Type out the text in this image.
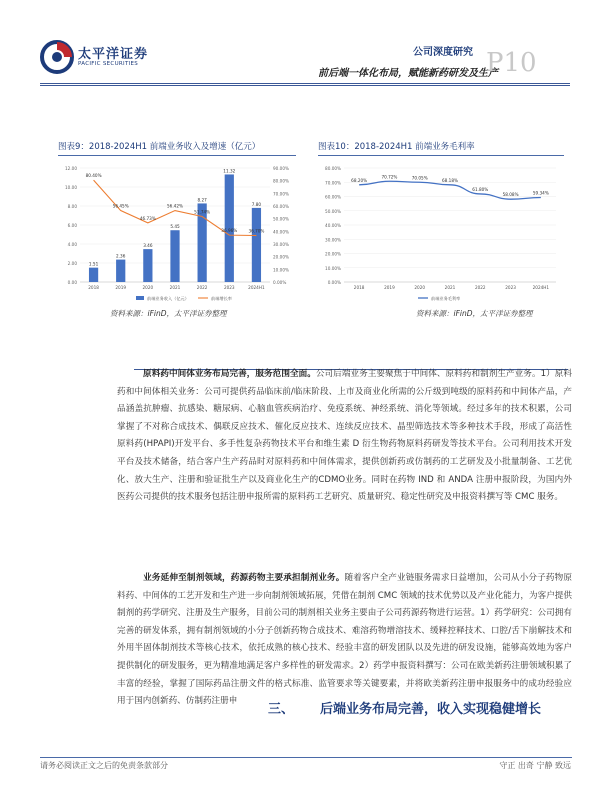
太平洋证券
PACIFIC SECURITIES
公司深度研究
前后端一体化布局，赋能新药研发及生产
P10
图表9：2018-2024H1 前端业务收入及增速（亿元）
0.00
2.00
4.00
6.00
8.00
10.00
12.00
0.00%
10.00%
20.00%
30.00%
40.00%
50.00%
60.00%
70.00%
80.00%
90.00%
1.51
2018
2.36
2019
3.46
2020
5.45
2021
8.27
2022
11.32
2023
7.80
2024H1
80.40%
56.45%
46.73%
56.42%
51.74%
36.96%	36.70%
前端业务收入（亿元）	前端增长率
资料来源：iFinD，太平洋证券整理
图表10：2018-2024H1 前端业务毛利率
0.00%
10.00%
20.00%
30.00%
40.00%
50.00%
60.00%
70.00%
80.00%
68.20%
2018
70.72%
2019
70.05%
2020
68.18%
2021
61.80%
2022
58.08%
2023
59.34%
2024H1
前端业务毛利率
资料来源：iFinD，太平洋证券整理
三、 后端业务布局完善，收入实现稳健增长
原料药中间体业务布局完善，服务范围全面。公司后端业务主要聚焦于中间体、原料药和制剂生产业务。1）原料药和中间体相关业务：公司可提供药品临床前/临床阶段、上市及商业化所需的公斤级到吨级的原料药和中间体产品，产品涵盖抗肿瘤、抗感染、糖尿病、心脑血管疾病治疗、免疫系统、神经系统、消化等领域。经过多年的技术积累，公司掌握了不对称合成技术、偶联反应技术、催化反应技术、连续反应技术、晶型筛选技术等多种技术手段，形成了高活性原料药(HPAPI)开发平台、多手性复杂药物技术平台和维生素 D 衍生物药物原料药研发等技术平台。公司利用技术开发平台及技术储备，结合客户生产药品时对原料药和中间体需求，提供创新药或仿制药的工艺研发及小批量制备、工艺优化、放大生产、注册和验证批生产以及商业化生产的CDMO业务。同时在药物 IND 和 ANDA 注册申报阶段，为国内外医药公司提供的技术服务包括注册申报所需的原料药工艺研究、质量研究、稳定性研究及申报资料撰写等 CMC 服务。
业务延伸至制剂领域，药源药物主要承担制剂业务。随着客户全产业链服务需求日益增加，公司从小分子药物原料药、中间体的工艺开发和生产进一步向制剂领域拓展，凭借在制剂 CMC 领域的技术优势以及产业化能力，为客户提供制剂的药学研究、注册及生产服务，目前公司的制剂相关业务主要由子公司药源药物进行运营。1）药学研究：公司拥有完善的研发体系，拥有制剂领域的小分子创新药物合成技术、难溶药物增溶技术、缓释控释技术、口腔/舌下崩解技术和外用半固体制剂技术等核心技术，依托成熟的核心技术、经验丰富的研发团队以及先进的研发设施，能够高效地为客户提供制化的研发服务，更为精准地满足客户多样性的研发需求。2）药学申报资料撰写：公司在欧美新药注册领域积累了丰富的经验，掌握了国际药品注册文件的格式标准、监管要求等关键要素，并将欧美新药注册申报服务中的成功经验应用于国内创新药、仿制药注册申
请务必阅读正文之后的免责条款部分	守正 出奇 宁静 致远
